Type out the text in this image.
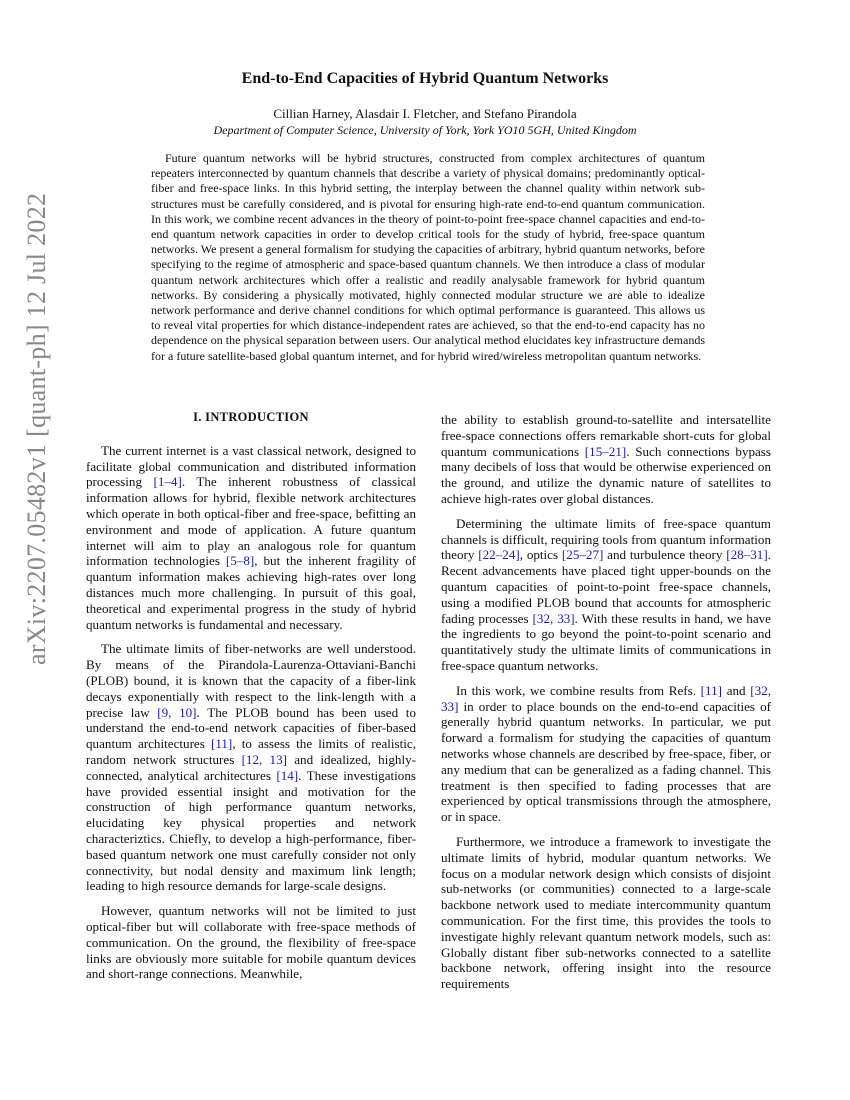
arXiv:2207.05482v1 [quant-ph] 12 Jul 2022
End-to-End Capacities of Hybrid Quantum Networks
Cillian Harney, Alasdair I. Fletcher, and Stefano Pirandola
Department of Computer Science, University of York, York YO10 5GH, United Kingdom
Future quantum networks will be hybrid structures, constructed from complex architectures of quantum repeaters interconnected by quantum channels that describe a variety of physical domains; predominantly optical-fiber and free-space links. In this hybrid setting, the interplay between the channel quality within network sub-structures must be carefully considered, and is pivotal for ensuring high-rate end-to-end quantum communication. In this work, we combine recent advances in the theory of point-to-point free-space channel capacities and end-to-end quantum network capacities in order to develop critical tools for the study of hybrid, free-space quantum networks. We present a general formalism for studying the capacities of arbitrary, hybrid quantum networks, before specifying to the regime of atmospheric and space-based quantum channels. We then introduce a class of modular quantum network architectures which offer a realistic and readily analysable framework for hybrid quantum networks. By considering a physically motivated, highly connected modular structure we are able to idealize network performance and derive channel conditions for which optimal performance is guaranteed. This allows us to reveal vital properties for which distance-independent rates are achieved, so that the end-to-end capacity has no dependence on the physical separation between users. Our analytical method elucidates key infrastructure demands for a future satellite-based global quantum internet, and for hybrid wired/wireless metropolitan quantum networks.
I. INTRODUCTION

The current internet is a vast classical network, designed to facilitate global communication and distributed information processing [1–4]. The inherent robustness of classical information allows for hybrid, flexible network architectures which operate in both optical-fiber and free-space, befitting an environment and mode of application. A future quantum internet will aim to play an analogous role for quantum information technologies [5–8], but the inherent fragility of quantum information makes achieving high-rates over long distances much more challenging. In pursuit of this goal, theoretical and experimental progress in the study of hybrid quantum networks is fundamental and necessary.

The ultimate limits of fiber-networks are well understood. By means of the Pirandola-Laurenza-Ottaviani-Banchi (PLOB) bound, it is known that the capacity of a fiber-link decays exponentially with respect to the link-length with a precise law [9, 10]. The PLOB bound has been used to understand the end-to-end network capacities of fiber-based quantum architectures [11], to assess the limits of realistic, random network structures [12, 13] and idealized, highly-connected, analytical architectures [14]. These investigations have provided essential insight and motivation for the construction of high performance quantum networks, elucidating key physical properties and network characteriztics. Chiefly, to develop a high-performance, fiber-based quantum network one must carefully consider not only connectivity, but nodal density and maximum link length; leading to high resource demands for large-scale designs.

However, quantum networks will not be limited to just optical-fiber but will collaborate with free-space methods of communication. On the ground, the flexibility of free-space links are obviously more suitable for mobile quantum devices and short-range connections. Meanwhile,

the ability to establish ground-to-satellite and intersatellite free-space connections offers remarkable short-cuts for global quantum communications [15–21]. Such connections bypass many decibels of loss that would be otherwise experienced on the ground, and utilize the dynamic nature of satellites to achieve high-rates over global distances.

Determining the ultimate limits of free-space quantum channels is difficult, requiring tools from quantum information theory [22–24], optics [25–27] and turbulence theory [28–31]. Recent advancements have placed tight upper-bounds on the quantum capacities of point-to-point free-space channels, using a modified PLOB bound that accounts for atmospheric fading processes [32, 33]. With these results in hand, we have the ingredients to go beyond the point-to-point scenario and quantitatively study the ultimate limits of communications in free-space quantum networks.

In this work, we combine results from Refs. [11] and [32, 33] in order to place bounds on the end-to-end capacities of generally hybrid quantum networks. In particular, we put forward a formalism for studying the capacities of quantum networks whose channels are described by free-space, fiber, or any medium that can be generalized as a fading channel. This treatment is then specified to fading processes that are experienced by optical transmissions through the atmosphere, or in space.

Furthermore, we introduce a framework to investigate the ultimate limits of hybrid, modular quantum networks. We focus on a modular network design which consists of disjoint sub-networks (or communities) connected to a large-scale backbone network used to mediate intercommunity quantum communication. For the first time, this provides the tools to investigate highly relevant quantum network models, such as: Globally distant fiber sub-networks connected to a satellite backbone network, offering insight into the resource requirements
